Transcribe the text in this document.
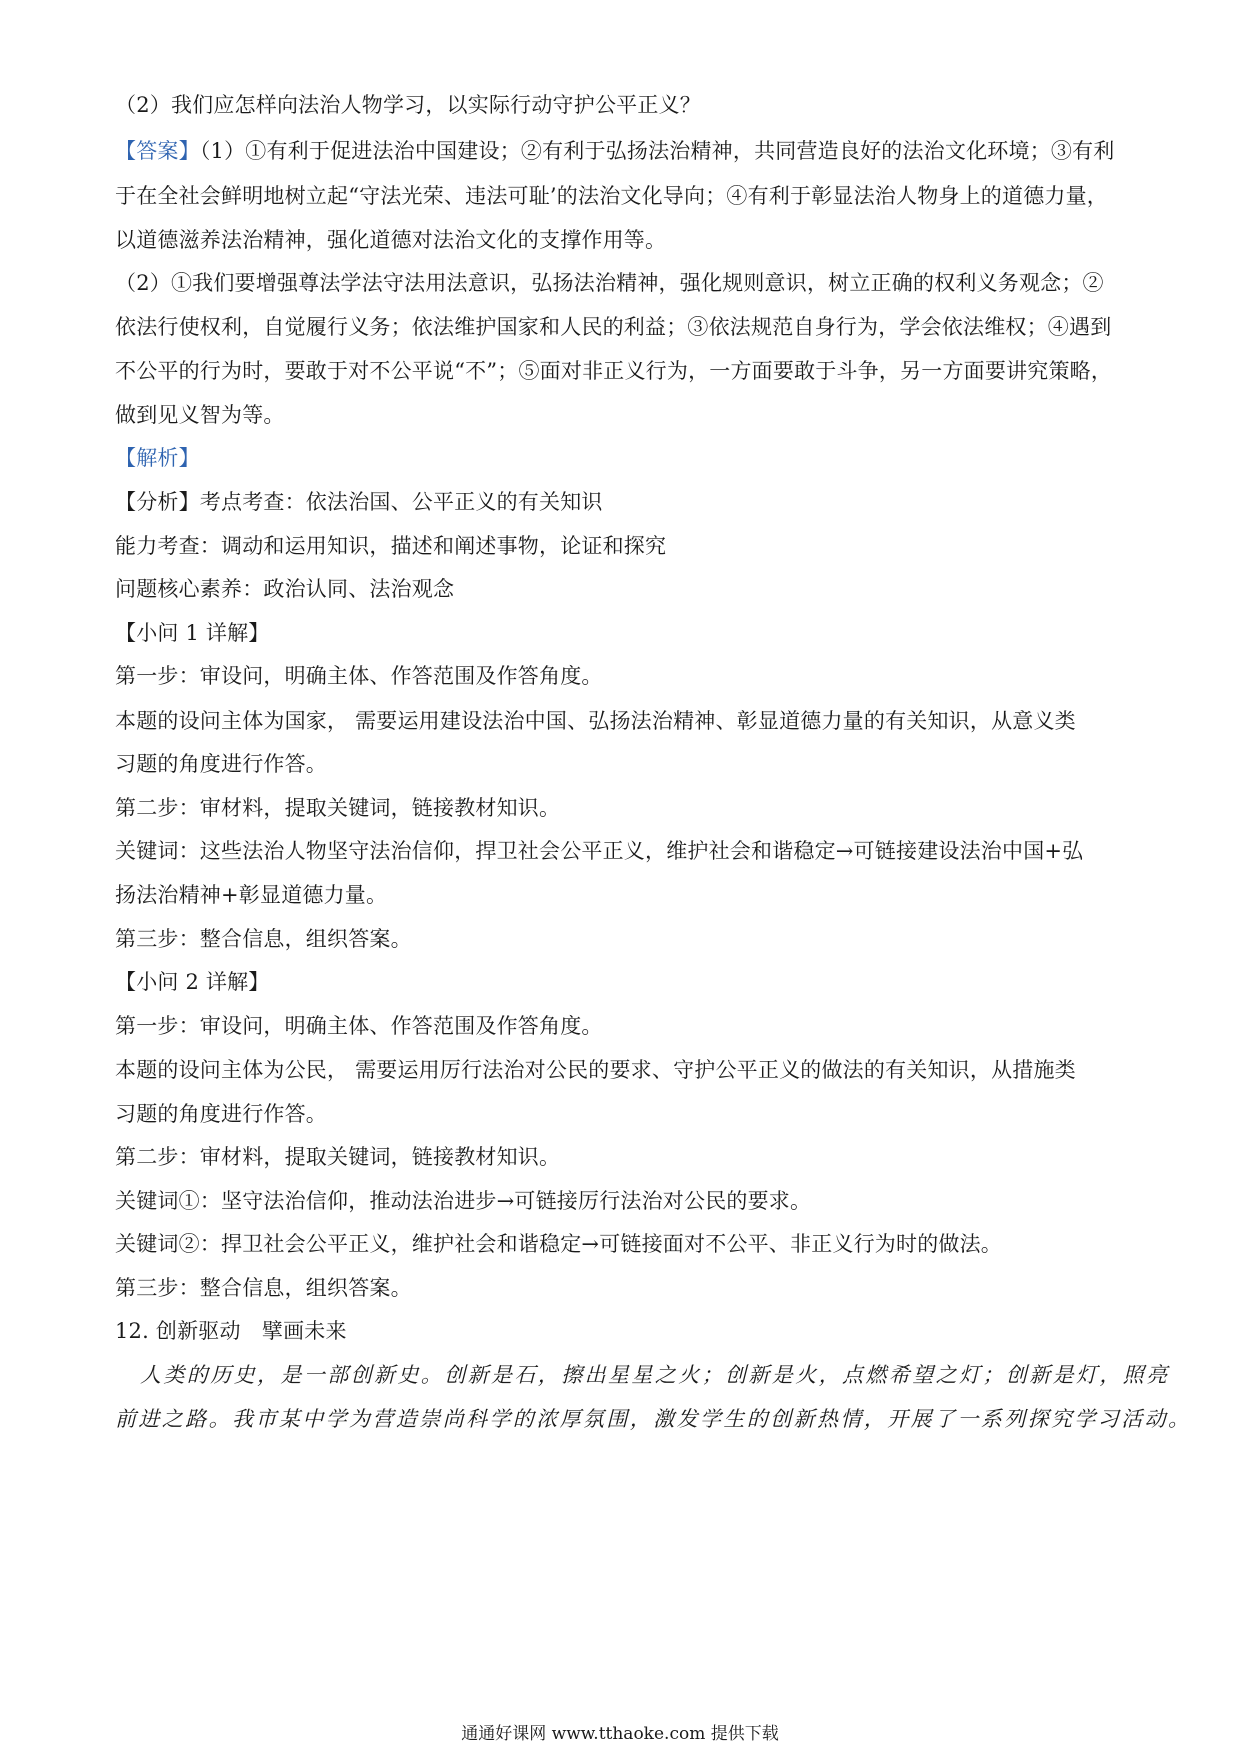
（2）我们应怎样向法治人物学习，以实际行动守护公平正义？
【答案】（1）①有利于促进法治中国建设；②有利于弘扬法治精神，共同营造良好的法治文化环境；③有利
于在全社会鲜明地树立起“守法光荣、违法可耻’的法治文化导向；④有利于彰显法治人物身上的道德力量，
以道德滋养法治精神，强化道德对法治文化的支撑作用等。
（2）①我们要增强尊法学法守法用法意识，弘扬法治精神，强化规则意识，树立正确的权利义务观念；②
依法行使权利，自觉履行义务；依法维护国家和人民的利益；③依法规范自身行为，学会依法维权；④遇到
不公平的行为时，要敢于对不公平说“不”；⑤面对非正义行为，一方面要敢于斗争，另一方面要讲究策略，
做到见义智为等。
【解析】
【分析】考点考查：依法治国、公平正义的有关知识
能力考查：调动和运用知识，描述和阐述事物，论证和探究
问题核心素养：政治认同、法治观念
【小问 1 详解】
第一步：审设问，明确主体、作答范围及作答角度。
本题的设问主体为国家， 需要运用建设法治中国、弘扬法治精神、彰显道德力量的有关知识，从意义类
习题的角度进行作答。
第二步：审材料，提取关键词，链接教材知识。
关键词：这些法治人物坚守法治信仰，捍卫社会公平正义，维护社会和谐稳定→可链接建设法治中国+弘
扬法治精神+彰显道德力量。
第三步：整合信息，组织答案。
【小问 2 详解】
第一步：审设问，明确主体、作答范围及作答角度。
本题的设问主体为公民， 需要运用厉行法治对公民的要求、守护公平正义的做法的有关知识，从措施类
习题的角度进行作答。
第二步：审材料，提取关键词，链接教材知识。
关键词①：坚守法治信仰，推动法治进步→可链接厉行法治对公民的要求。
关键词②：捍卫社会公平正义，维护社会和谐稳定→可链接面对不公平、非正义行为时的做法。
第三步：整合信息，组织答案。
12. 创新驱动　擘画未来
人类的历史，是一部创新史。创新是石，擦出星星之火；创新是火，点燃希望之灯；创新是灯，照亮
前进之路。我市某中学为营造崇尚科学的浓厚氛围，激发学生的创新热情，开展了一系列探究学习活动。
通通好课网 www.tthaoke.com 提供下载
